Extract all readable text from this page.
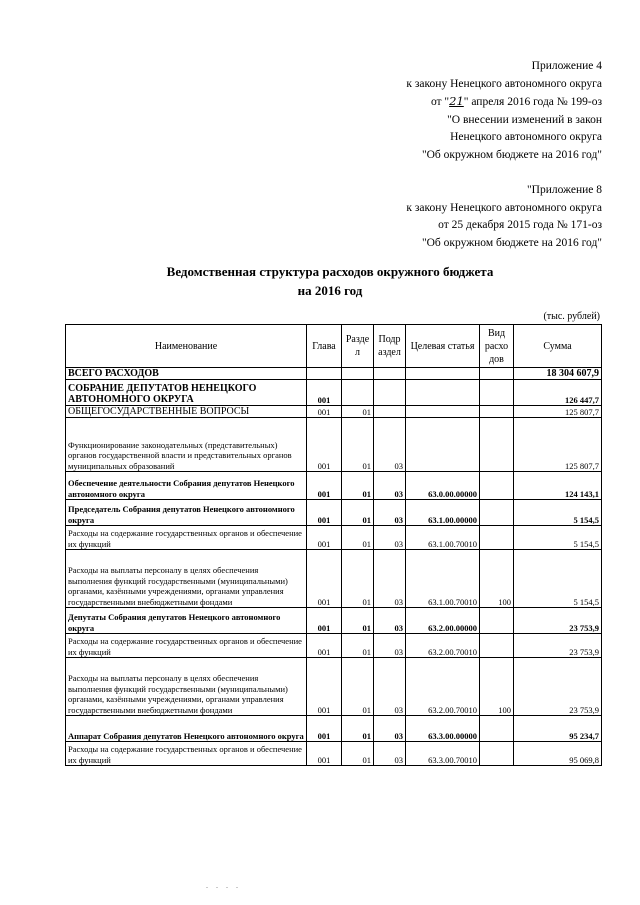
Приложение 4
к закону Ненецкого автономного округа
от "21" апреля 2016 года № 199-оз
"О внесении изменений в закон
Ненецкого автономного округа
"Об окружном бюджете на 2016 год"
"Приложение 8
к закону Ненецкого автономного округа
от 25 декабря 2015 года № 171-оз
"Об окружном бюджете на 2016 год"
Ведомственная структура расходов окружного бюджета
на 2016 год
(тыс. рублей)
Наименование	Глава	Разде л	Подр аздел	Целевая статья	Вид расхо дов	Сумма
ВСЕГО РАСХОДОВ						18 304 607,9
СОБРАНИЕ ДЕПУТАТОВ НЕНЕЦКОГО АВТОНОМНОГО ОКРУГА	001					126 447,7
ОБЩЕГОСУДАРСТВЕННЫЕ ВОПРОСЫ	001	01				125 807,7
Функционирование законодательных (представительных) органов государственной власти и представительных органов муниципальных образований	001	01	03			125 807,7
Обеспечение деятельности Собрания депутатов Ненецкого автономного округа	001	01	03	63.0.00.00000		124 143,1
Председатель Собрания депутатов Ненецкого автономного округа	001	01	03	63.1.00.00000		5 154,5
Расходы на содержание государственных органов и обеспечение их функций	001	01	03	63.1.00.70010		5 154,5
Расходы на выплаты персоналу в целях обеспечения выполнения функций государственными (муниципальными) органами, казёнными учреждениями, органами управления государственными внебюджетными фондами	001	01	03	63.1.00.70010	100	5 154,5
Депутаты Собрания депутатов Ненецкого автономного округа	001	01	03	63.2.00.00000		23 753,9
Расходы на содержание государственных органов и обеспечение их функций	001	01	03	63.2.00.70010		23 753,9
Расходы на выплаты персоналу в целях обеспечения выполнения функций государственными (муниципальными) органами, казёнными учреждениями, органами управления государственными внебюджетными фондами	001	01	03	63.2.00.70010	100	23 753,9
Аппарат Собрания депутатов Ненецкого автономного округа	001	01	03	63.3.00.00000		95 234,7
Расходы на содержание государственных органов и обеспечение их функций	001	01	03	63.3.00.70010		95 069,8
. . . .
